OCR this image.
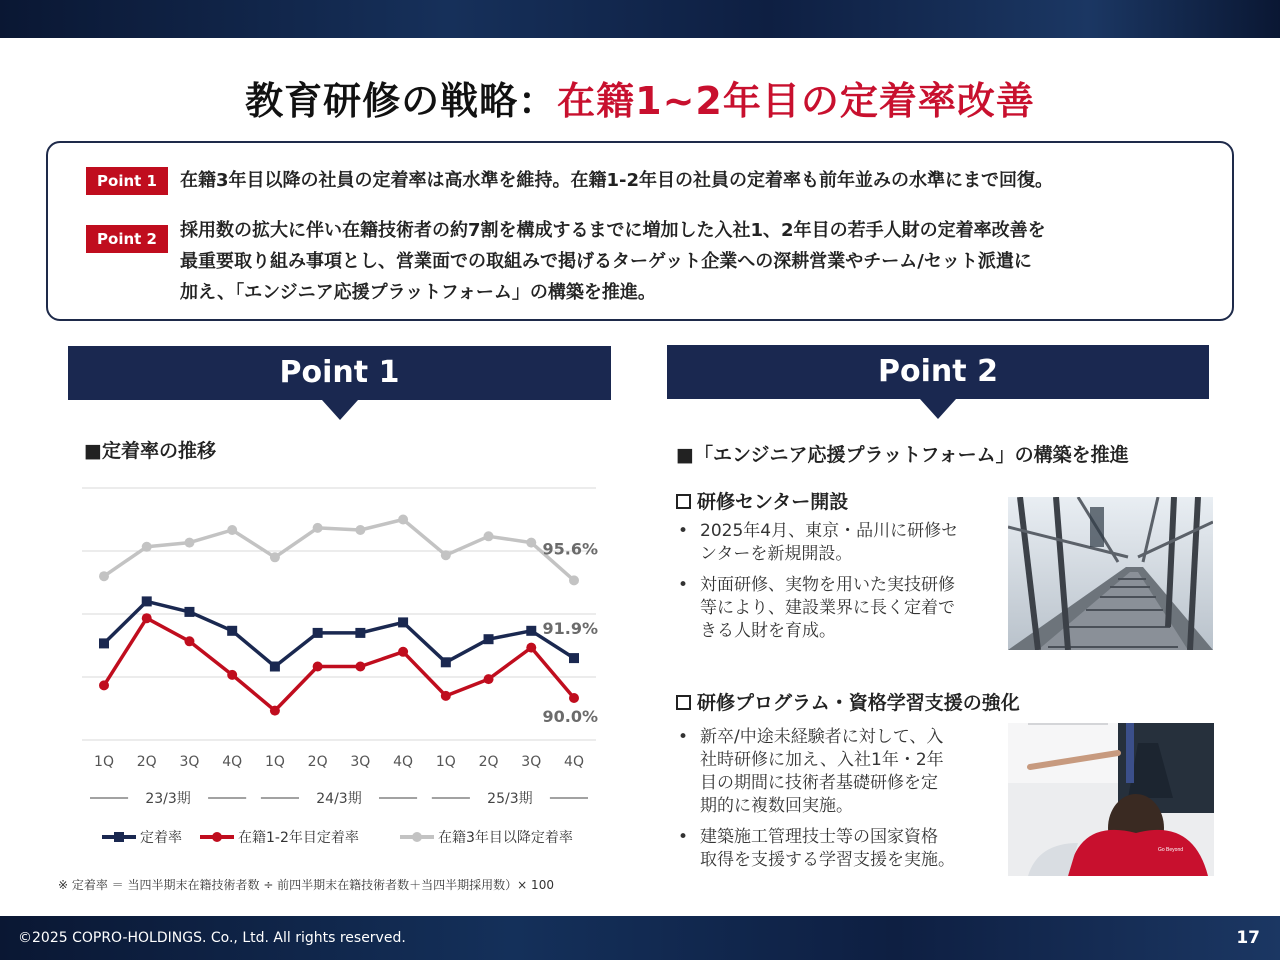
教育研修の戦略：在籍1~2年目の定着率改善
Point 1	在籍3年目以降の社員の定着率は高水準を維持。在籍1-2年目の社員の定着率も前年並みの水準にまで回復。
Point 2	採用数の拡大に伴い在籍技術者の約7割を構成するまでに増加した入社1、2年目の若手人財の定着率改善を
最重要取り組み事項とし、営業面での取組みで掲げるターゲット企業への深耕営業やチーム/セット派遣に
加え、「エンジニア応援プラットフォーム」の構築を推進。
Point 1
■定着率の推移
95.6%
91.9%
90.0%
1Q 2Q 3Q 4Q 1Q 2Q 3Q 4Q 1Q 2Q 3Q 4Q
23/3期	24/3期	25/3期
定着率	在籍1-2年目定着率	在籍3年目以降定着率
※ 定着率 ＝ 当四半期末在籍技術者数 ÷ 前四半期末在籍技術者数＋当四半期採用数）× 100
Point 2
■「エンジニア応援プラットフォーム」の構築を推進
研修センター開設
• 2025年4月、東京・品川に研修セ
ンターを新規開設。
• 対面研修、実物を用いた実技研修
等により、建設業界に長く定着で
きる人財を育成。
研修プログラム・資格学習支援の強化
• 新卒/中途未経験者に対して、入
社時研修に加え、入社1年・2年
目の期間に技術者基礎研修を定
期的に複数回実施。
• 建築施工管理技士等の国家資格
取得を支援する学習支援を実施。	Go Beyond
©2025 COPRO-HOLDINGS. Co., Ltd. All rights reserved.	17
